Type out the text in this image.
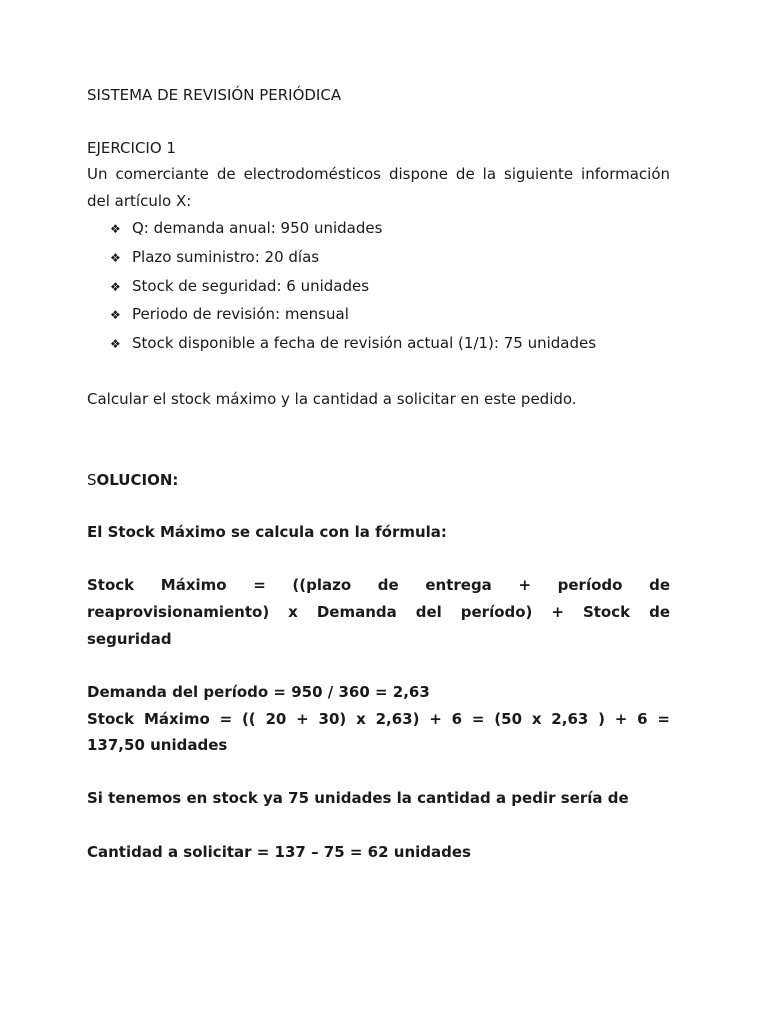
SISTEMA DE REVISIÓN PERIÓDICA
EJERCICIO 1
Un comerciante de electrodomésticos dispone de la siguiente información
del artículo X:
❖ Q: demanda anual: 950 unidades
❖ Plazo suministro: 20 días
❖ Stock de seguridad: 6 unidades
❖ Periodo de revisión: mensual
❖ Stock disponible a fecha de revisión actual (1/1): 75 unidades
Calcular el stock máximo y la cantidad a solicitar en este pedido.
SOLUCION:
El Stock Máximo se calcula con la fórmula:
Stock Máximo = ((plazo de entrega + período de
reaprovisionamiento) x Demanda del período) + Stock de
seguridad
Demanda del período = 950 / 360 = 2,63
Stock Máximo = (( 20 + 30) x 2,63) + 6 = (50 x 2,63 ) + 6 =
137,50 unidades
Si tenemos en stock ya 75 unidades la cantidad a pedir sería de
Cantidad a solicitar = 137 – 75 = 62 unidades
